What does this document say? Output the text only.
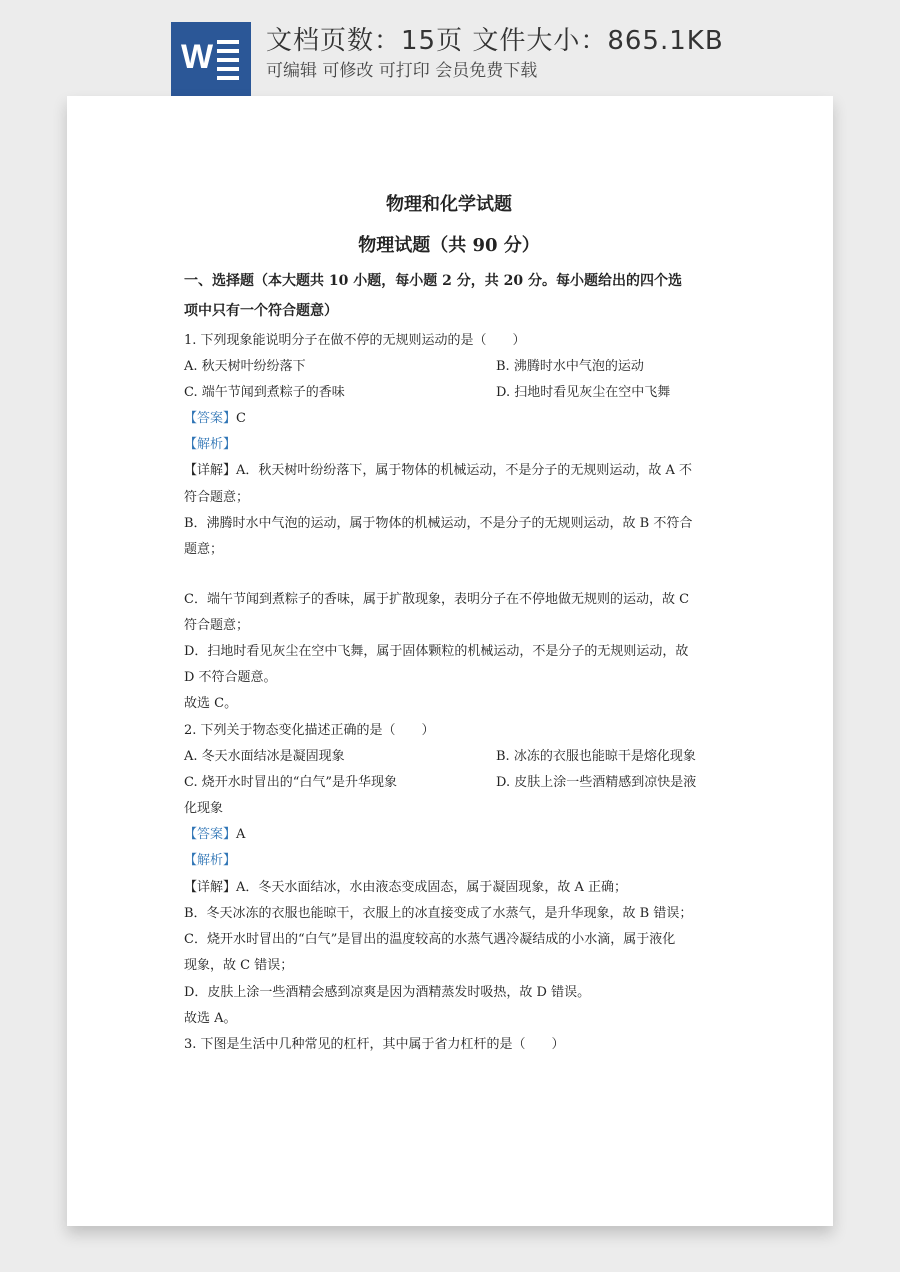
W 文档页数：15页 文件大小：865.1KB
可编辑 可修改 可打印 会员免费下载
物理和化学试题
物理试题（共 90 分）
一、选择题（本大题共 10 小题，每小题 2 分，共 20 分。每小题给出的四个选
项中只有一个符合题意）
1. 下列现象能说明分子在做不停的无规则运动的是（　　）
A. 秋天树叶纷纷落下	B. 沸腾时水中气泡的运动
C. 端午节闻到煮粽子的香味	D. 扫地时看见灰尘在空中飞舞
【答案】C
【解析】
【详解】A．秋天树叶纷纷落下，属于物体的机械运动，不是分子的无规则运动，故 A 不
符合题意；
B．沸腾时水中气泡的运动，属于物体的机械运动，不是分子的无规则运动，故 B 不符合
题意；
C．端午节闻到煮粽子的香味，属于扩散现象，表明分子在不停地做无规则的运动，故 C
符合题意；
D．扫地时看见灰尘在空中飞舞，属于固体颗粒的机械运动，不是分子的无规则运动，故
D 不符合题意。
故选 C。
2. 下列关于物态变化描述正确的是（　　）
A. 冬天水面结冰是凝固现象	B. 冰冻的衣服也能晾干是熔化现象
C. 烧开水时冒出的“白气”是升华现象	D. 皮肤上涂一些酒精感到凉快是液
化现象
【答案】A
【解析】
【详解】A．冬天水面结冰，水由液态变成固态，属于凝固现象，故 A 正确；
B．冬天冰冻的衣服也能晾干，衣服上的冰直接变成了水蒸气，是升华现象，故 B 错误；
C．烧开水时冒出的“白气”是冒出的温度较高的水蒸气遇冷凝结成的小水滴，属于液化
现象，故 C 错误；
D．皮肤上涂一些酒精会感到凉爽是因为酒精蒸发时吸热，故 D 错误。
故选 A。
3. 下图是生活中几种常见的杠杆，其中属于省力杠杆的是（　　）
